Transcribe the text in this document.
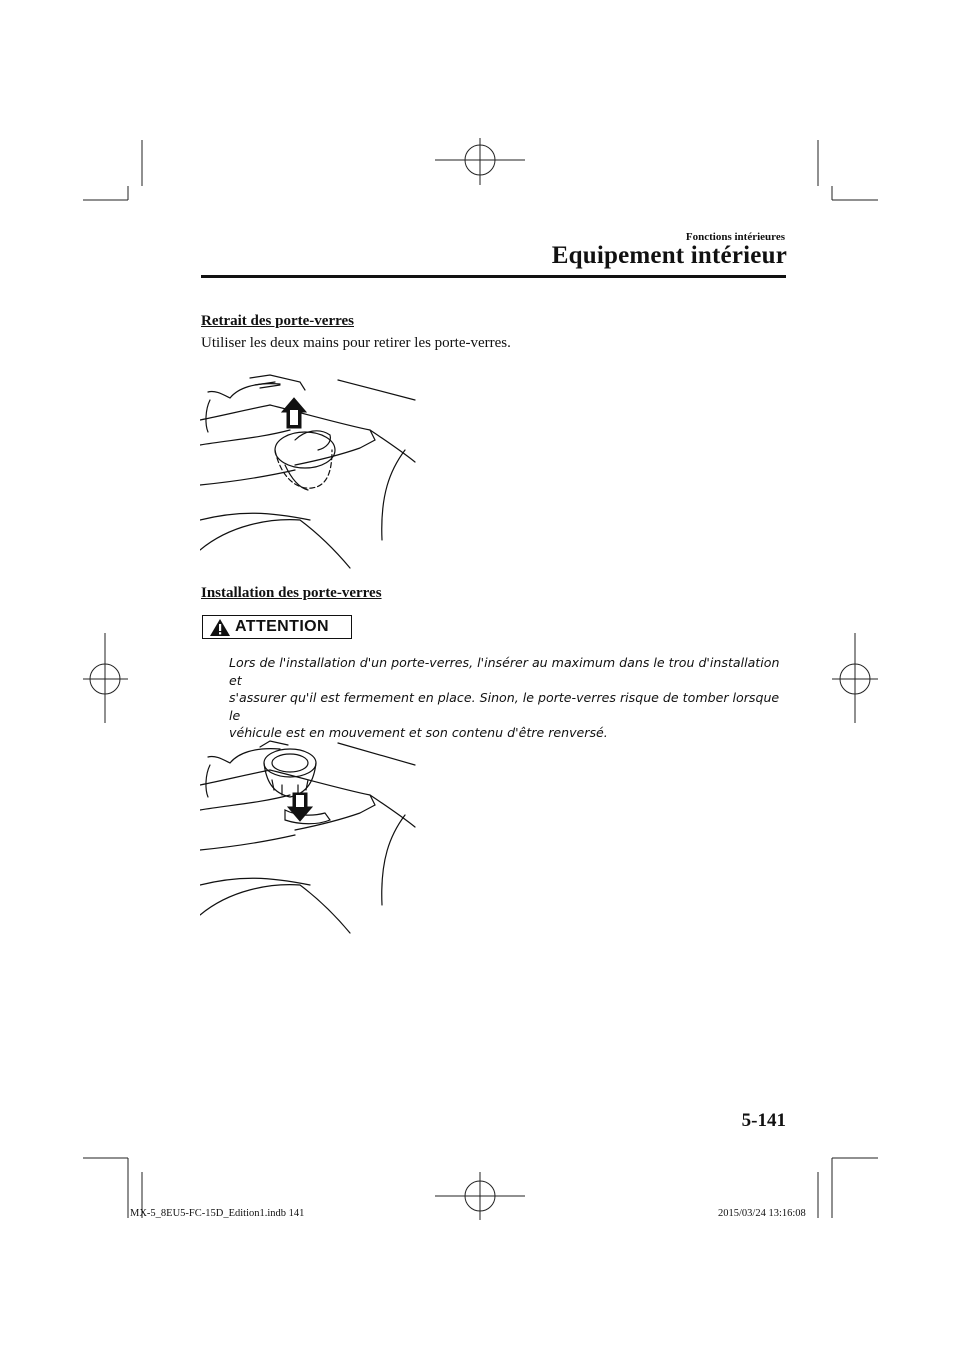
Fonctions intérieures
Equipement intérieur
Retrait des porte-verres
Utiliser les deux mains pour retirer les porte-verres.
Installation des porte-verres
ATTENTION
Lors de l'installation d'un porte-verres, l'insérer au maximum dans le trou d'installation et
s'assurer qu'il est fermement en place. Sinon, le porte-verres risque de tomber lorsque le
véhicule est en mouvement et son contenu d'être renversé.
5-141
MX-5_8EU5-FC-15D_Edition1.indb 141	2015/03/24 13:16:08
